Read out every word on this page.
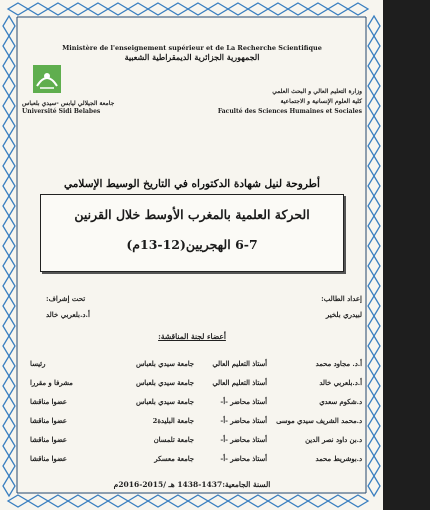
Ministère de l'enseignement supérieur et de La Recherche Scientifique
الجمهورية الجزائرية الديمقراطية الشعبية
جامعة الجيلالي ليابس -سيدي بلعباس
Université Sidi Belabes
وزارة التعليم العالي و البحث العلمي
كلية العلوم الإنسانية و الاجتماعية
Faculté des Sciences Humaines et Sociales
أطروحة لنيل شهادة الدكتوراه في التاريخ الوسيط الإسلامي
الحركة العلمية بالمغرب الأوسط خلال القرنين
6-7 الهجريين(12-13م)
إعداد الطالب:
لبيدري بلخير
تحت إشراف:
أ.د.بلعربي خالد
أعضاء لجنة المناقشة:
أ.د. مجاود محمد
أستاذ التعليم العالي
جامعة سيدي بلعباس
رئيسا
أ.د.بلعربي خالد
أستاذ التعليم العالي
جامعة سيدي بلعباس
مشرفا و مقررا
د.شكوم سعدي
أستاذ محاضر -أ-
جامعة سيدي بلعباس
عضوا مناقشا
د.محمد الشريف سيدي موسى
أستاذ محاضر -أ-
جامعة البليدة2
عضوا مناقشا
د.بن داود نصر الدين
أستاذ محاضر -أ-
جامعة تلمسان
عضوا مناقشا
د.بوشريط محمد
أستاذ محاضر -أ-
جامعة معسكر
عضوا مناقشا
السنة الجامعية:1437-1438 هـ /2015-2016م
